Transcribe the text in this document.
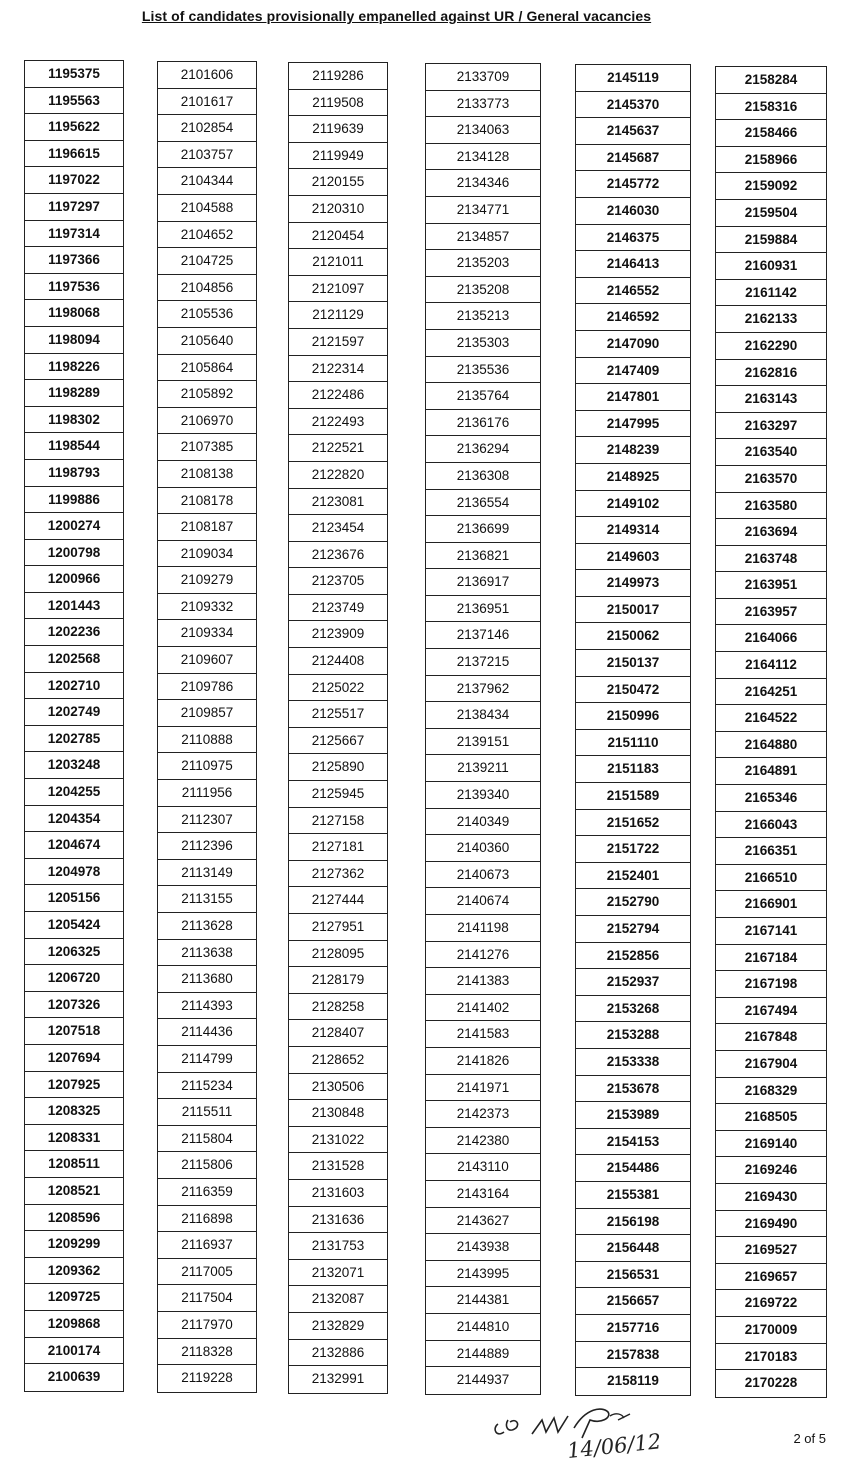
List of candidates provisionally empanelled against UR / General vacancies
1195375
1195563
1195622
1196615
1197022
1197297
1197314
1197366
1197536
1198068
1198094
1198226
1198289
1198302
1198544
1198793
1199886
1200274
1200798
1200966
1201443
1202236
1202568
1202710
1202749
1202785
1203248
1204255
1204354
1204674
1204978
1205156
1205424
1206325
1206720
1207326
1207518
1207694
1207925
1208325
1208331
1208511
1208521
1208596
1209299
1209362
1209725
1209868
2100174
2100639
2101606
2101617
2102854
2103757
2104344
2104588
2104652
2104725
2104856
2105536
2105640
2105864
2105892
2106970
2107385
2108138
2108178
2108187
2109034
2109279
2109332
2109334
2109607
2109786
2109857
2110888
2110975
2111956
2112307
2112396
2113149
2113155
2113628
2113638
2113680
2114393
2114436
2114799
2115234
2115511
2115804
2115806
2116359
2116898
2116937
2117005
2117504
2117970
2118328
2119228
2119286
2119508
2119639
2119949
2120155
2120310
2120454
2121011
2121097
2121129
2121597
2122314
2122486
2122493
2122521
2122820
2123081
2123454
2123676
2123705
2123749
2123909
2124408
2125022
2125517
2125667
2125890
2125945
2127158
2127181
2127362
2127444
2127951
2128095
2128179
2128258
2128407
2128652
2130506
2130848
2131022
2131528
2131603
2131636
2131753
2132071
2132087
2132829
2132886
2132991
2133709
2133773
2134063
2134128
2134346
2134771
2134857
2135203
2135208
2135213
2135303
2135536
2135764
2136176
2136294
2136308
2136554
2136699
2136821
2136917
2136951
2137146
2137215
2137962
2138434
2139151
2139211
2139340
2140349
2140360
2140673
2140674
2141198
2141276
2141383
2141402
2141583
2141826
2141971
2142373
2142380
2143110
2143164
2143627
2143938
2143995
2144381
2144810
2144889
2144937
2145119
2145370
2145637
2145687
2145772
2146030
2146375
2146413
2146552
2146592
2147090
2147409
2147801
2147995
2148239
2148925
2149102
2149314
2149603
2149973
2150017
2150062
2150137
2150472
2150996
2151110
2151183
2151589
2151652
2151722
2152401
2152790
2152794
2152856
2152937
2153268
2153288
2153338
2153678
2153989
2154153
2154486
2155381
2156198
2156448
2156531
2156657
2157716
2157838
2158119
2158284
2158316
2158466
2158966
2159092
2159504
2159884
2160931
2161142
2162133
2162290
2162816
2163143
2163297
2163540
2163570
2163580
2163694
2163748
2163951
2163957
2164066
2164112
2164251
2164522
2164880
2164891
2165346
2166043
2166351
2166510
2166901
2167141
2167184
2167198
2167494
2167848
2167904
2168329
2168505
2169140
2169246
2169430
2169490
2169527
2169657
2169722
2170009
2170183
2170228
14/06/12	2 of 5
